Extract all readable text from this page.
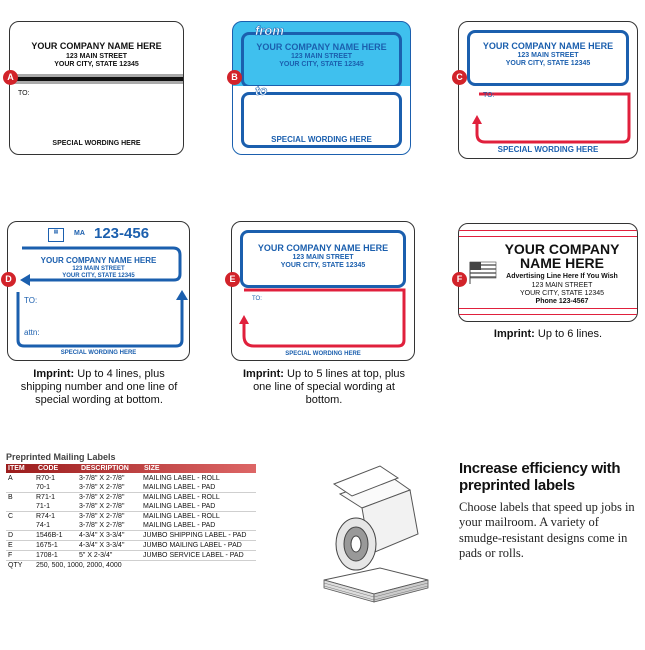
YOUR COMPANY NAME HERE
123 MAIN STREET
YOUR CITY, STATE 12345
TO:
SPECIAL WORDING HERE
A
from
YOUR COMPANY NAME HERE
123 MAIN STREET
YOUR CITY, STATE 12345
to
SPECIAL WORDING HERE
B
YOUR COMPANY NAME HERE
123 MAIN STREET
YOUR CITY, STATE 12345
TO:
SPECIAL WORDING HERE
C
▦	MA 123-456
YOUR COMPANY NAME HERE
123 MAIN STREET
YOUR CITY, STATE 12345
TO:
attn:
SPECIAL WORDING HERE
D
YOUR COMPANY NAME HERE
123 MAIN STREET
YOUR CITY, STATE 12345
TO:
SPECIAL WORDING HERE
E
YOUR COMPANY
NAME HERE
Advertising Line Here If You Wish
123 MAIN STREET
YOUR CITY, STATE 12345
Phone 123-4567
F
Imprint: Up to 4 lines, plus shipping number and one line of special wording at bottom.
Imprint: Up to 5 lines at top, plus one line of special wording at bottom.
Imprint: Up to 6 lines.
Preprinted Mailing Labels
ITEM CODE	DESCRIPTION SIZE
A	R70-1	3-7/8" X 2-7/8"	MAILING LABEL - ROLL
	70-1	3-7/8" X 2-7/8"	MAILING LABEL - PAD
B	R71-1	3-7/8" X 2-7/8"	MAILING LABEL - ROLL
	71-1	3-7/8" X 2-7/8"	MAILING LABEL - PAD
C	R74-1	3-7/8" X 2-7/8"	MAILING LABEL - ROLL
	74-1	3-7/8" X 2-7/8"	MAILING LABEL - PAD
D	1546B-1	4-3/4" X 3-3/4"	JUMBO SHIPPING LABEL - PAD
E	1675-1	4-3/4" X 3-3/4"	JUMBO MAILING LABEL - PAD
F	1708-1	5" X 2-3/4"	JUMBO SERVICE LABEL - PAD
QTY	250, 500, 1000, 2000, 4000		
Increase efficiency with preprinted labels
Choose labels that speed up jobs in your mailroom. A variety of smudge-resistant designs come in pads or rolls.
